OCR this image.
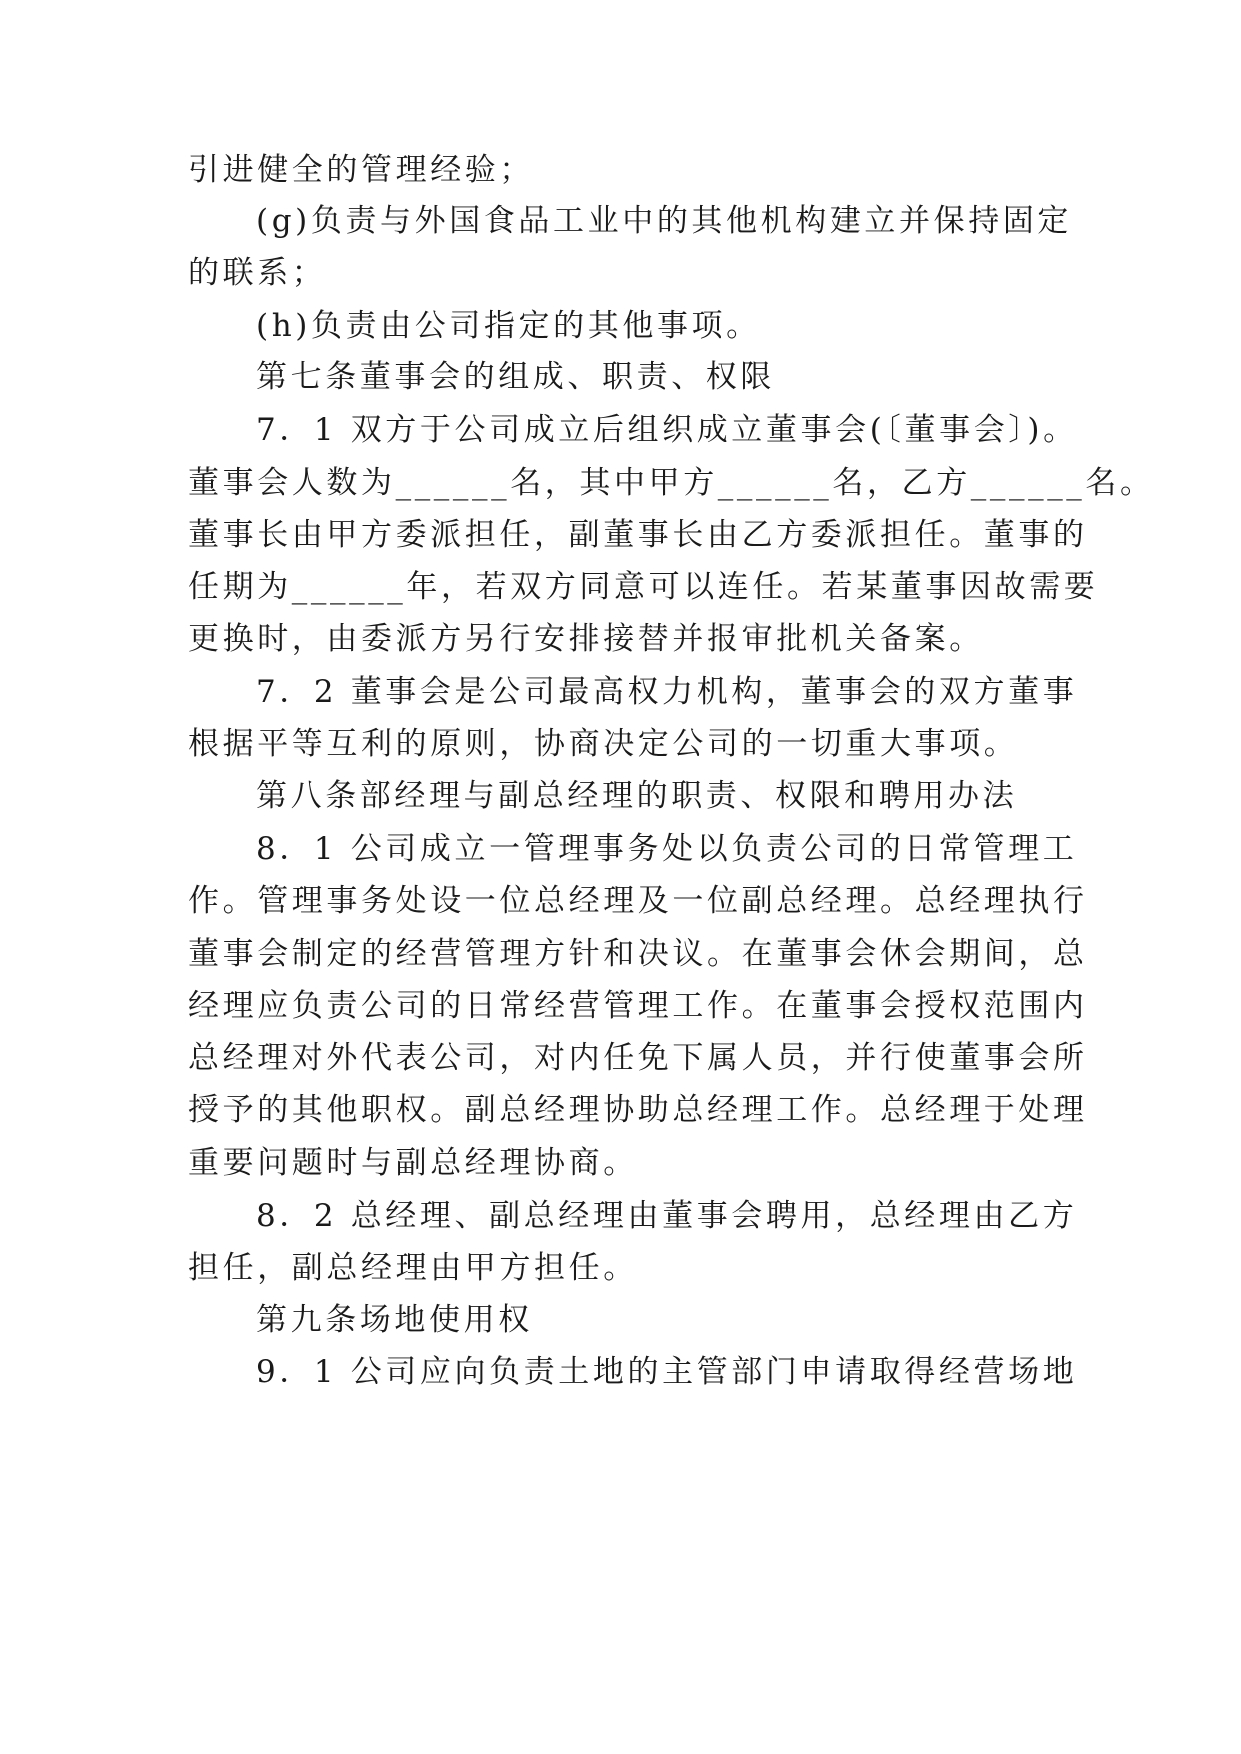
引进健全的管理经验；
(g)负责与外国食品工业中的其他机构建立并保持固定
的联系；
(h)负责由公司指定的其他事项。
第七条董事会的组成、职责、权限
7．1 双方于公司成立后组织成立董事会(〔董事会〕)。
董事会人数为______名，其中甲方______名，乙方______名。
董事长由甲方委派担任，副董事长由乙方委派担任。董事的
任期为______年，若双方同意可以连任。若某董事因故需要
更换时，由委派方另行安排接替并报审批机关备案。
7．2 董事会是公司最高权力机构，董事会的双方董事
根据平等互利的原则，协商决定公司的一切重大事项。
第八条部经理与副总经理的职责、权限和聘用办法
8．1 公司成立一管理事务处以负责公司的日常管理工
作。管理事务处设一位总经理及一位副总经理。总经理执行
董事会制定的经营管理方针和决议。在董事会休会期间，总
经理应负责公司的日常经营管理工作。在董事会授权范围内
总经理对外代表公司，对内任免下属人员，并行使董事会所
授予的其他职权。副总经理协助总经理工作。总经理于处理
重要问题时与副总经理协商。
8．2 总经理、副总经理由董事会聘用，总经理由乙方
担任，副总经理由甲方担任。
第九条场地使用权
9．1 公司应向负责土地的主管部门申请取得经营场地
